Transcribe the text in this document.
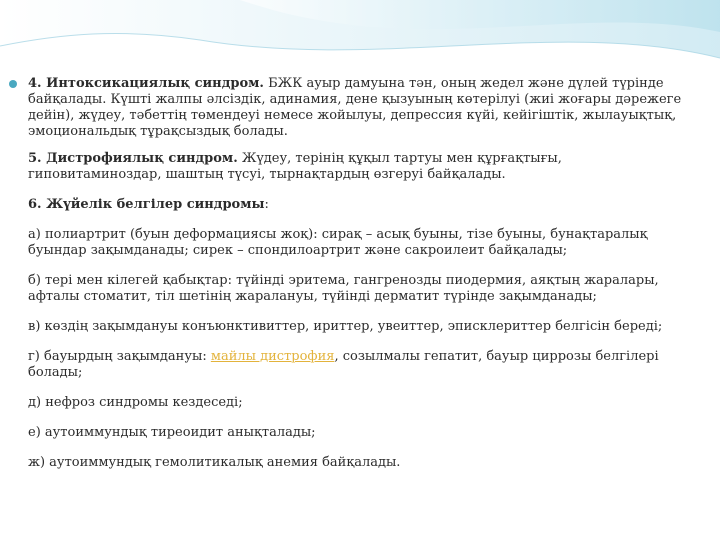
4. Интоксикациялық синдром. БЖК ауыр дамуына тән, оның жедел және дүлей түрінде байқалады. Күшті жалпы әлсіздік, адинамия, дене қызуының көтерілуі (жиі жоғары дәрежеге дейін), жүдеу, тәбеттің төмендеуі немесе жойылуы, депрессия күйі, кейігіштік, жылауықтық, эмоциональдық тұрақсыздық болады.

5. Дистрофиялық синдром. Жүдеу, терінің құқыл тартуы мен құрғақтығы, гиповитаминоздар, шаштың түсуі, тырнақтардың өзгеруі байқалады.

6. Жүйелік белгілер синдромы:

а) полиартрит (буын деформациясы жоқ): сирақ – асық буыны, тізе буыны, бунақтаралық буындар зақымданады; сирек – спондилоартрит және сакроилеит байқалады;

б) тері мен кілегей қабықтар: түйінді эритема, гангренозды пиодермия, аяқтың жаралары, афталы стоматит, тіл шетінің жаралануы, түйінді дерматит түрінде зақымданады;

в) көздің зақымдануы конъюнктивиттер, ириттер, увеиттер, эписклериттер белгісін береді;

г) бауырдың зақымдануы: майлы дистрофия, созылмалы гепатит, бауыр циррозы белгілері болады;

д) нефроз синдромы кездеседі;

е) аутоиммундық тиреоидит анықталады;

ж) аутоиммундық гемолитикалық анемия байқалады.
